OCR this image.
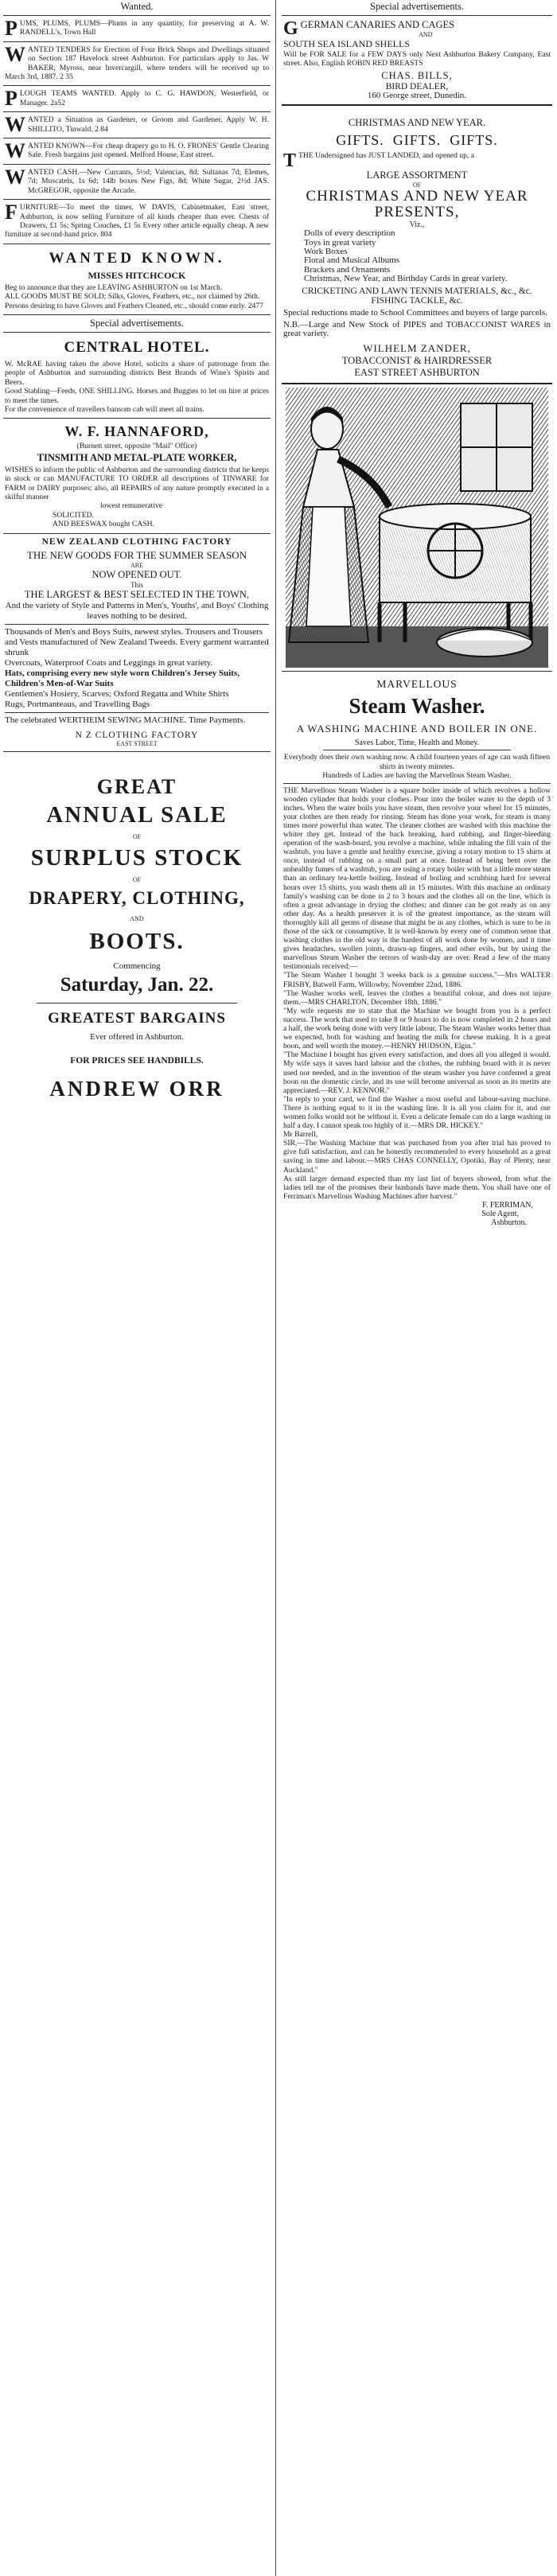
Wanted.

PUMS, PLUMS, PLUMS—Plums in any quantity, for preserving at A. W. RANDELL's, Town Hall
WANTED TENDERS for Erection of Four Brick Shops and Dwellings situated on Section 187 Havelock street Ashburton. For particulars apply to Jas. W BAKER, Myross, near Invercargill, where tenders will be received up to March 3rd, 1887. 2 35
PLOUGH TEAMS WANTED. Apply to C. G. HAWDON, Westerfield, or Manager. 2a52
WANTED a Situation as Gardener, or Groom and Gardener. Apply W. H. SHILLITO, Tinwald. 2 84
WANTED KNOWN—For cheap drapery go to H. O. FRONES' Gentle Clearing Sale. Fresh bargains just opened. Melford House, East street.
WANTED CASH.—New Currants, 5½d; Valencias, 8d; Sultanas 7d; Elemes, 7d; Muscatels, 1s 6d; 14lb boxes New Figs, 8d; White Sugar, 2½d JAS. McGREGOR, opposite the Arcade.
FURNITURE—To meet the times, W DAVIS, Cabinetmaker, East street, Ashburton, is now selling Furniture of all kinds cheaper than ever. Chests of Drawers, £1 5s; Spring Couches, £1 5s Every other article equally cheap. A new furniture at second-hand price. 804

WANTED KNOWN.

MISSES HITCHCOCK

Beg to announce that they are LEAVING ASHBURTON on 1st March.

ALL GOODS MUST BE SOLD; Silks, Gloves, Feathers, etc., not claimed by 26th.

Persons desiring to have Gloves and Feathers Cleaned, etc., should come early. 2477

Special advertisements.

CENTRAL HOTEL.

W. McRAE having taken the above Hotel, solicits a share of patronage from the people of Ashburton and surrounding districts Best Brands of Wine's Spirits and Beers.

Good Stabling—Feeds, ONE SHILLING. Horses and Buggies to let on hire at prices to meet the times.

For the convenience of travellers bansom cab will meet all trains.

W. F. HANNAFORD,

(Burnett street, opposite "Mail" Office)

TINSMITH AND METAL-PLATE WORKER,

WISHES to inform the public of Ashburton and the surrounding districts that he keeps in stock or can MANUFACTURE TO ORDER all descriptions of TINWARE for FARM or DAIRY purposes; also, all REPAIRS of any nature promptly executed in a skilful manner

lowest remunerative

SOLICITED.

AND BEESWAX bought CASH.

NEW ZEALAND CLOTHING FACTORY

THE NEW GOODS FOR THE SUMMER SEASON

ARE

NOW OPENED OUT.

This

THE LARGEST & BEST SELECTED IN THE TOWN,

And the variety of Style and Patterns in Men's, Youths', and Boys' Clothing leaves nothing to be desired.

Thousands of Men's and Boys Suits, newest styles. Trousers and Trousers and Vests manufactured of New Zealand Tweeds. Every garment warranted shrunk

Overcoats, Waterproof Coats and Leggings in great variety.

Hats, comprising every new style worn Children's Jersey Suits, Children's Men-of-War Suits

Gentlemen's Hosiery, Scarves; Oxford Regatta and White Shirts

Rugs, Portmanteaus, and Travelling Bags

The celebrated WERTHEIM SEWING MACHINE. Time Payments.

N Z CLOTHING FACTORY

EAST STREET

GREAT

ANNUAL SALE

OF

SURPLUS STOCK

OF

DRAPERY, CLOTHING,

AND

BOOTS.

Commencing

Saturday, Jan. 22.

GREATEST BARGAINS

Ever offered in Ashburton.

FOR PRICES SEE HANDBILLS.

ANDREW ORR

Special advertisements.

GGERMAN CANARIES AND CAGES

AND

SOUTH SEA ISLAND SHELLS

Will be FOR SALE for a FEW DAYS only Next Ashburton Bakery Company, East street. Also, English ROBIN RED BREASTS

CHAS. BILLS,

BIRD DEALER,

160 George street, Dunedin.

CHRISTMAS AND NEW YEAR.

GIFTS.  GIFTS.  GIFTS.

TTHE Undersigned has JUST LANDED, and opened up, a

LARGE ASSORTMENT

OF

CHRISTMAS AND NEW YEAR PRESENTS,

Viz.,

Dolls of every description

Toys in great variety

Work Boxes

Floral and Musical Albums

Brackets and Ornaments

Christmas, New Year, and Birthday Cards in great variety.

CRICKETING AND LAWN TENNIS MATERIALS, &c., &c.

FISHING TACKLE, &c.

Special reductions made to School Committees and buyers of large parcels.

N.B.—Large and New Stock of PIPES and TOBACCONIST WARES in great variety.

WILHELM ZANDER,

TOBACCONIST & HAIRDRESSER

EAST STREET ASHBURTON

MARVELLOUS

Steam Washer.

A WASHING MACHINE AND BOILER IN ONE.

Saves Labor, Time, Health and Money.

Everybody does their own washing now. A child fourteen years of age can wash fifteen shirts in twenty minutes.

Hundreds of Ladies are having the Marvellous Steam Washer.

THE Marvellous Steam Washer is a square boiler inside of which revolves a hollow wooden cylinder that holds your clothes. Pour into the boiler water to the depth of 3 inches. When the water boils you have steam, then revolve your wheel for 15 minutes, your clothes are then ready for rinsing. Steam has done your work, for steam is many times more powerful than water. The cleaner clothes are washed with this machine the whiter they get. Instead of the back breaking, hard rubbing, and finger-bleeding operation of the wash-board, you revolve a machine, while inhaling the fill vain of the washtub, you have a gentle and healthy exercise, giving a rotary motion to 15 shirts at once, instead of rubbing on a small part at once. Instead of being bent over the unhealthy fumes of a washtub, you are using a rotary boiler with but a little more steam than an ordinary tea-kettle boiling. Instead of boiling and scrubbing hard for several hours over 15 shirts, you wash them all in 15 minutes. With this machine an ordinary family's washing can be done in 2 to 3 hours and the clothes all on the line, which is often a great advantage in drying the clothes; and dinner can be got ready as on any other day. As a health preserver it is of the greatest importance, as the steam will thoroughly kill all germs of disease that might be in any clothes, which is sure to be in those of the sick or consumptive. It is well-known by every one of common sense that washing clothes in the old way is the hardest of all work done by women, and it time gives headaches, swollen joints, drawn-up fingers, and other evils, but by using the marvellous Steam Washer the terrors of wash-day are over. Read a few of the many testimonials received:—

"The Steam Washer I bought 3 weeks back is a genuine success."—Mrs WALTER FRISBY, Batwell Farm, Willowby, November 22nd, 1886.

"The Washer works well, leaves the clothes a beautiful colour, and does not injure them.—MRS CHARLTON, December 18th, 1886."

"My wife requests me to state that the Machine we bought from you is a perfect success. The work that used to take 8 or 9 hours to do is now completed in 2 hours and a half, the work being done with very little labour. The Steam Washer works better than we expected, both for washing and heating the milk for cheese making. It is a great boon, and well worth the money.—HENRY HUDSON, Elgin."

"The Machine I bought has given every satisfaction, and does all you alleged it would. My wife says it saves hard labour and the clothes, the rubbing board with it is never used nor needed, and in the invention of the steam washer you have conferred a great boon on the domestic circle, and its use will become universal as soon as its merits are appreciated.—REV. J. KENNOR."

"In reply to your card, we find the Washer a most useful and labour-saving machine. There is nothing equal to it in the washing line. It is all you claim for it, and our women folks would not be without it. Even a delicate female can do a large washing in half a day. I cannot speak too highly of it.—MRS DR. HICKEY."

Mr Barrell,

SIR,—The Washing Machine that was purchased from you after trial has proved to give full satisfaction, and can be honestly recommended to every household as a great saving in time and labour.—MRS CHAS CONNELLY, Opotiki, Bay of Plenty, near Auckland."

As still larger demand expected than my last list of buyers showed, from what the ladies tell me of the promises their husbands have made them. You shall have one of Ferriman's Marvellous Washing Machines after harvest."

F. FERRIMAN,

Sole Agent,

Ashburton.
